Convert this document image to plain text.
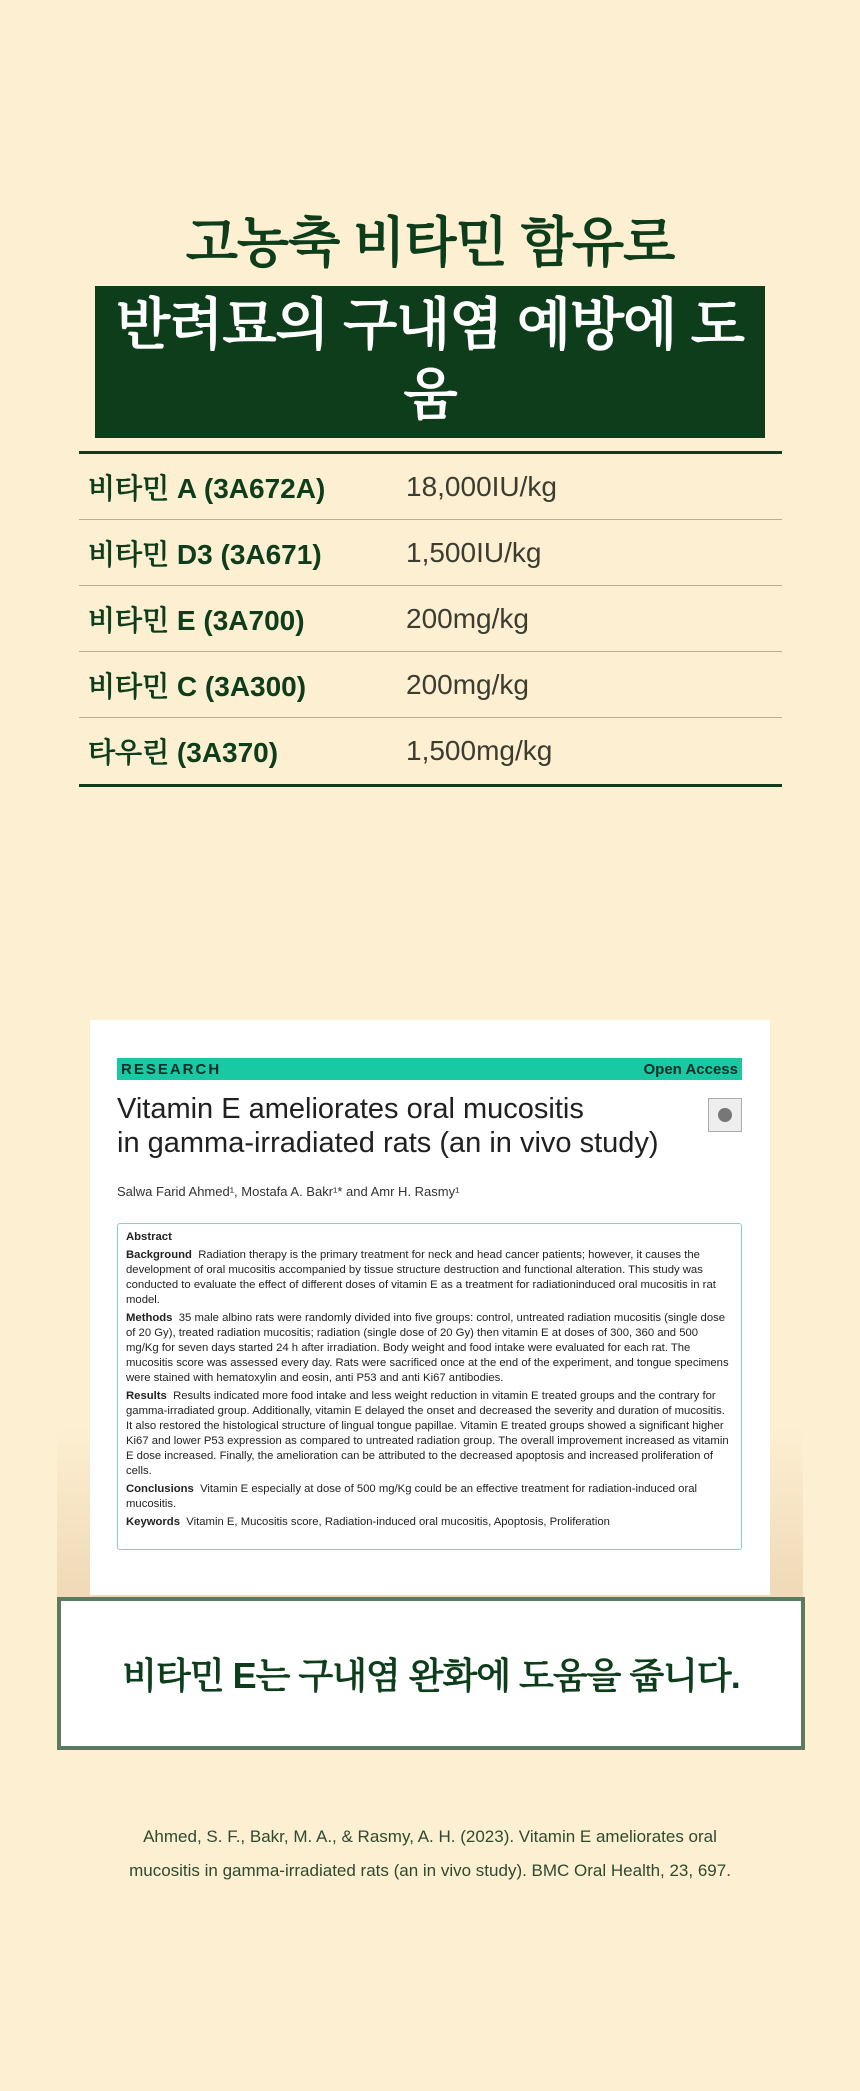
고농축 비타민 함유로
반려묘의 구내염 예방에 도움
비타민 A (3A672A)	18,000IU/kg
비타민 D3 (3A671)	1,500IU/kg
비타민 E (3A700)	200mg/kg
비타민 C (3A300)	200mg/kg
타우린 (3A370)	1,500mg/kg
RESEARCH	Open Access
Vitamin E ameliorates oral mucositis
in gamma-irradiated rats (an in vivo study)
Salwa Farid Ahmed¹, Mostafa A. Bakr¹* and Amr H. Rasmy¹

Abstract

Background Radiation therapy is the primary treatment for neck and head cancer patients; however, it causes the development of oral mucositis accompanied by tissue structure destruction and functional alteration. This study was conducted to evaluate the effect of different doses of vitamin E as a treatment for radiationinduced oral mucositis in rat model.

Methods 35 male albino rats were randomly divided into five groups: control, untreated radiation mucositis (single dose of 20 Gy), treated radiation mucositis; radiation (single dose of 20 Gy) then vitamin E at doses of 300, 360 and 500 mg/Kg for seven days started 24 h after irradiation. Body weight and food intake were evaluated for each rat. The mucositis score was assessed every day. Rats were sacrificed once at the end of the experiment, and tongue specimens were stained with hematoxylin and eosin, anti P53 and anti Ki67 antibodies.

Results Results indicated more food intake and less weight reduction in vitamin E treated groups and the contrary for gamma-irradiated group. Additionally, vitamin E delayed the onset and decreased the severity and duration of mucositis. It also restored the histological structure of lingual tongue papillae. Vitamin E treated groups showed a significant higher Ki67 and lower P53 expression as compared to untreated radiation group. The overall improvement increased as vitamin E dose increased. Finally, the amelioration can be attributed to the decreased apoptosis and increased proliferation of cells.

Conclusions Vitamin E especially at dose of 500 mg/Kg could be an effective treatment for radiation-induced oral mucositis.

Keywords Vitamin E, Mucositis score, Radiation-induced oral mucositis, Apoptosis, Proliferation

비타민 E는 구내염 완화에 도움을 줍니다.
Ahmed, S. F., Bakr, M. A., & Rasmy, A. H. (2023). Vitamin E ameliorates oral
mucositis in gamma-irradiated rats (an in vivo study). BMC Oral Health, 23, 697.
